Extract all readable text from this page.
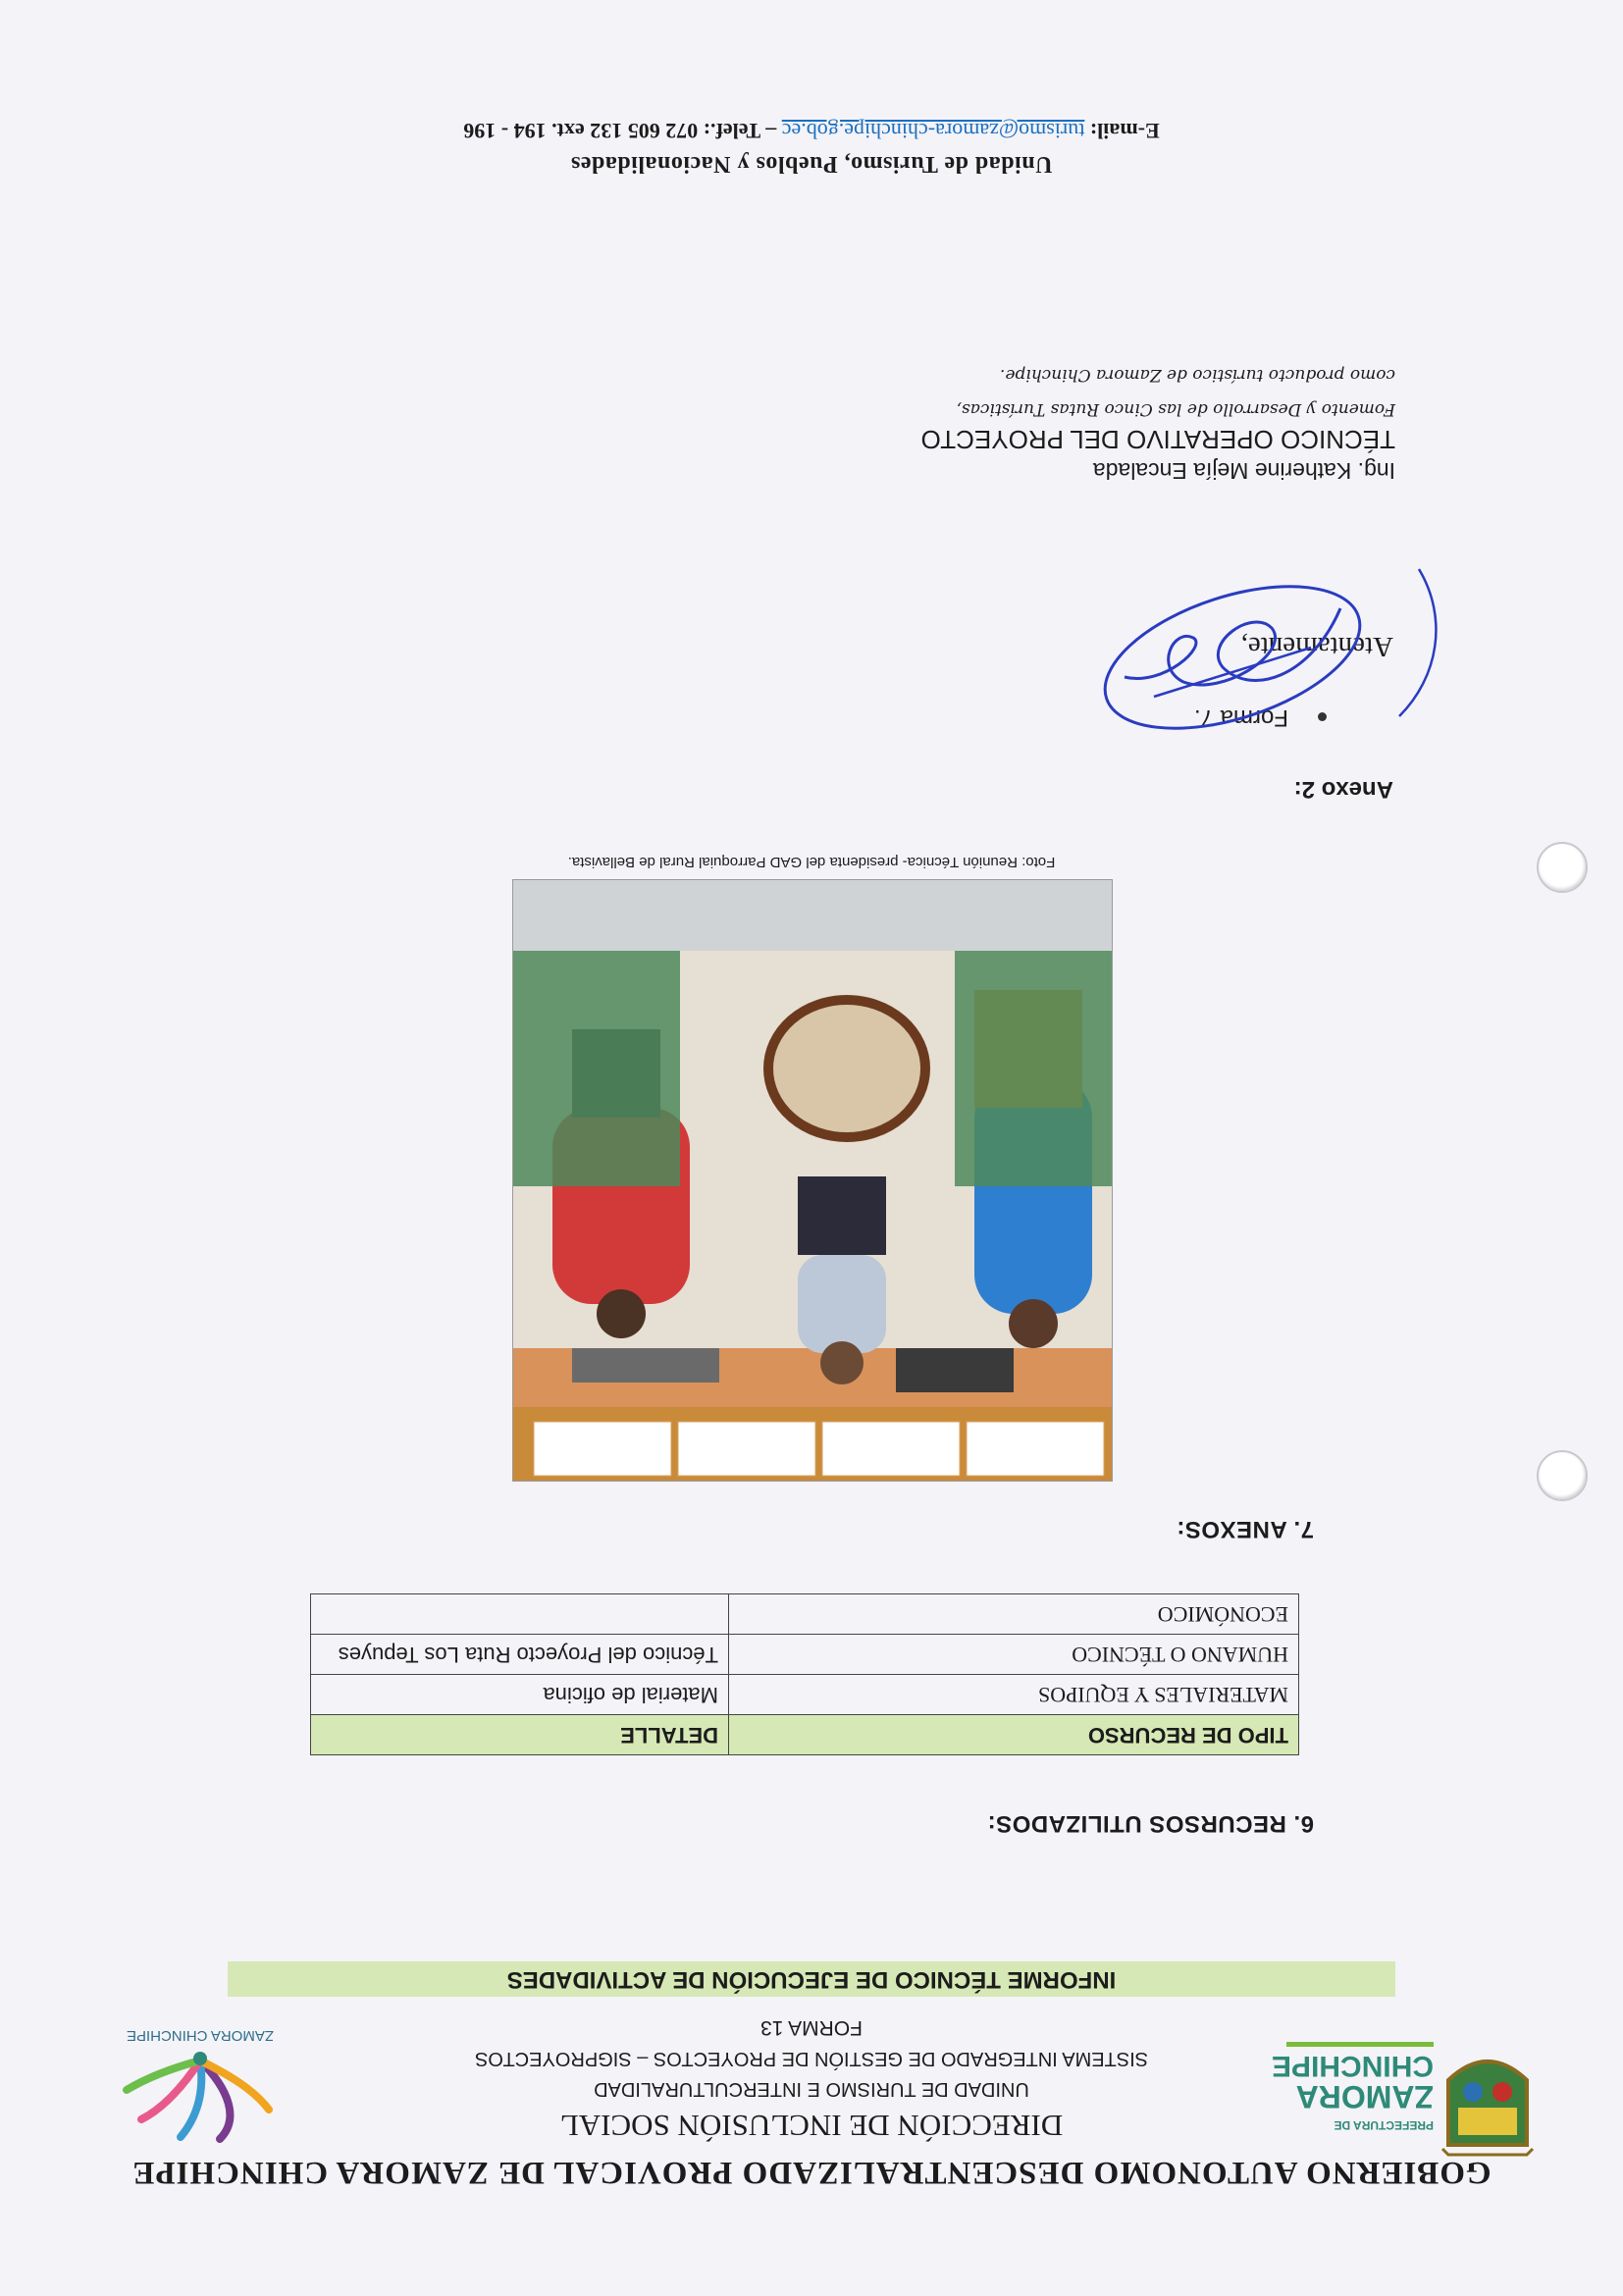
GOBIERNO AUTONOMO DESCENTRALIZADO PROVICAL DE ZAMORA CHINCHIPE
PREFECTURA DE
ZAMORA
CHINCHIPE
ZAMORA CHINCHIPE
DIRECCIÓN DE INCLUSIÓN SOCIAL
UNIDAD DE TURISMO E INTERCULTURALIDAD
SISTEMA INTEGRADO DE GESTIÓN DE PROYECTOS – SIGPROYECTOS
FORMA 13
INFORME TÉCNICO DE EJECUCIÓN DE ACTIVIDADES
6. RECURSOS UTILIZADOS:
TIPO DE RECURSO	DETALLE
MATERIALES Y EQUIPOS	Material de oficina
HUMANO O TÉCNICO	Técnico del Proyecto Ruta Los Tepuyes
ECONÓMICO	
7. ANEXOS:
Foto: Reunión Técnica- presidenta del GAD Parroquial Rural de Bellavista.
Anexo 2:
Forma 7.
Atentamente,
Ing. Katherine Mejía Encalada
TÉCNICO OPERATIVO DEL PROYECTO
Fomento y Desarrollo de las Cinco Rutas Turísticas,
como producto turístico de Zamora Chinchipe.
Unidad de Turismo, Pueblos y Nacionalidades
E-mail: turismo@zamora-chinchipe.gob.ec – Telef.: 072 605 132 ext. 194 - 196
